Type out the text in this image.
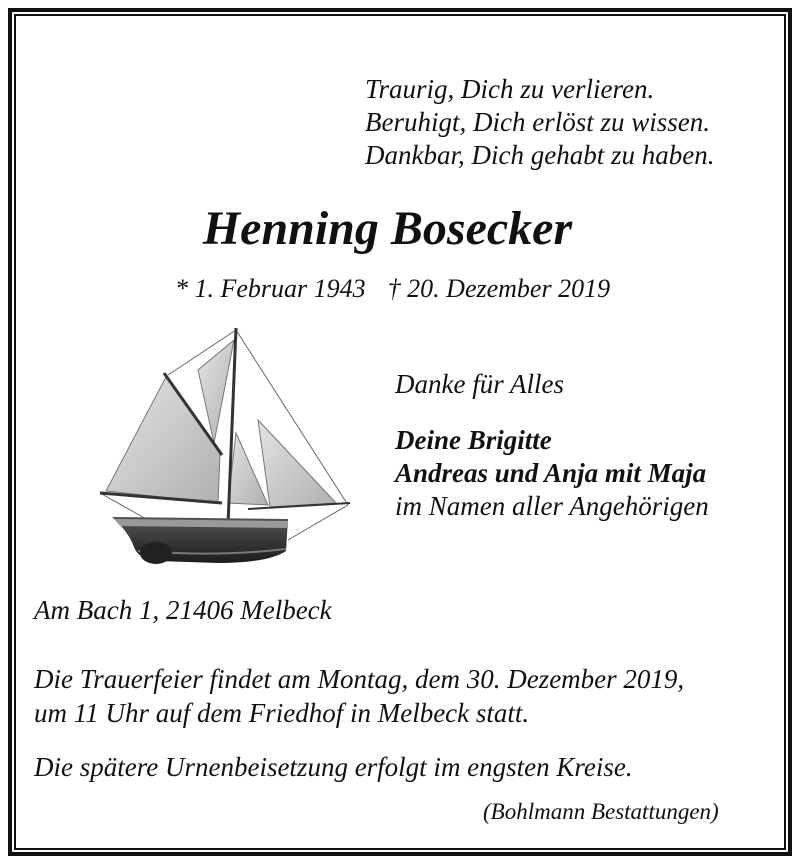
Traurig, Dich zu verlieren.
Beruhigt, Dich erlöst zu wissen.
Dankbar, Dich gehabt zu haben.
Henning Bosecker
* 1. Februar 1943 † 20. Dezember 2019
Danke für Alles
Deine Brigitte
Andreas und Anja mit Maja
im Namen aller Angehörigen
Am Bach 1, 21406 Melbeck
Die Trauerfeier findet am Montag, dem 30. Dezember 2019,
um 11 Uhr auf dem Friedhof in Melbeck statt.
Die spätere Urnenbeisetzung erfolgt im engsten Kreise.
(Bohlmann Bestattungen)
